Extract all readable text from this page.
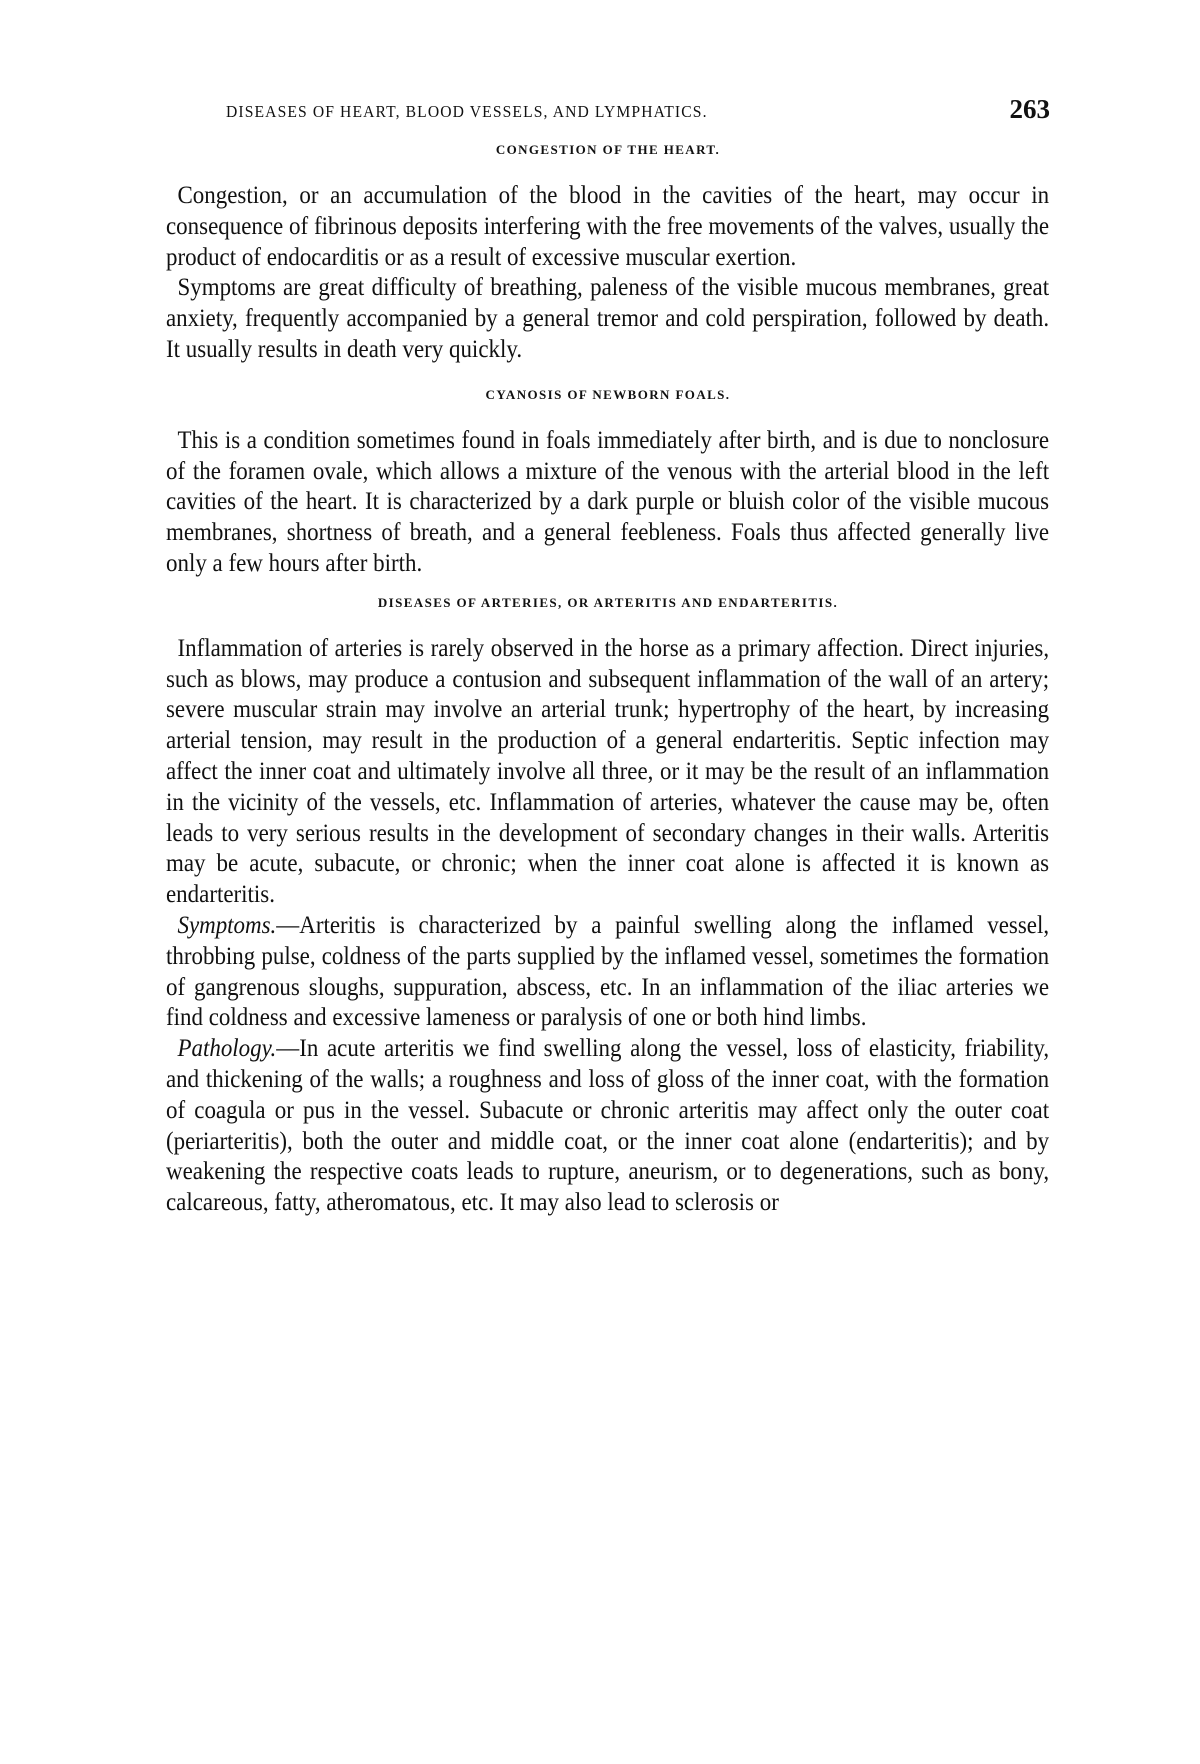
DISEASES OF HEART, BLOOD VESSELS, AND LYMPHATICS.	263
CONGESTION OF THE HEART.

  Congestion, or an accumulation of the blood in the cavities of the heart, may occur in consequence of fibrinous deposits interfering with the free movements of the valves, usually the product of endocarditis or as a result of excessive muscular exertion.

 Symptoms are great difficulty of breathing, paleness of the visible mucous membranes, great anxiety, frequently accompanied by a general tremor and cold perspiration, followed by death. It usually results in death very quickly.

CYANOSIS OF NEWBORN FOALS.

 This is a condition sometimes found in foals immediately after birth, and is due to nonclosure of the foramen ovale, which allows a mixture of the venous with the arterial blood in the left cavities of the heart. It is characterized by a dark purple or bluish color of the visible mucous membranes, shortness of breath, and a general feebleness. Foals thus affected generally live only a few hours after birth.

DISEASES OF ARTERIES, OR ARTERITIS AND ENDARTERITIS.

 Inflammation of arteries is rarely observed in the horse as a primary affection. Direct injuries, such as blows, may produce a contusion and subsequent inflammation of the wall of an artery; severe muscular strain may involve an arterial trunk; hypertrophy of the heart, by increasing arterial tension, may result in the production of a general endarteritis. Septic infection may affect the inner coat and ultimately involve all three, or it may be the result of an inflammation in the vicinity of the vessels, etc. Inflammation of arteries, whatever the cause may be, often leads to very serious results in the development of secondary changes in their walls. Arteritis may be acute, subacute, or chronic; when the inner coat alone is affected it is known as endarteritis.

 Symptoms.—Arteritis is characterized by a painful swelling along the inflamed vessel, throbbing pulse, coldness of the parts supplied by the inflamed vessel, sometimes the formation of gangrenous sloughs, suppuration, abscess, etc. In an inflammation of the iliac arteries we find coldness and excessive lameness or paralysis of one or both hind limbs.

 Pathology.—In acute arteritis we find swelling along the vessel, loss of elasticity, friability, and thickening of the walls; a roughness and loss of gloss of the inner coat, with the formation of coagula or pus in the vessel. Subacute or chronic arteritis may affect only the outer coat (periarteritis), both the outer and middle coat, or the inner coat alone (endarteritis); and by weakening the respective coats leads to rupture, aneurism, or to degenerations, such as bony, calcareous, fatty, atheromatous, etc. It may also lead to sclerosis or
